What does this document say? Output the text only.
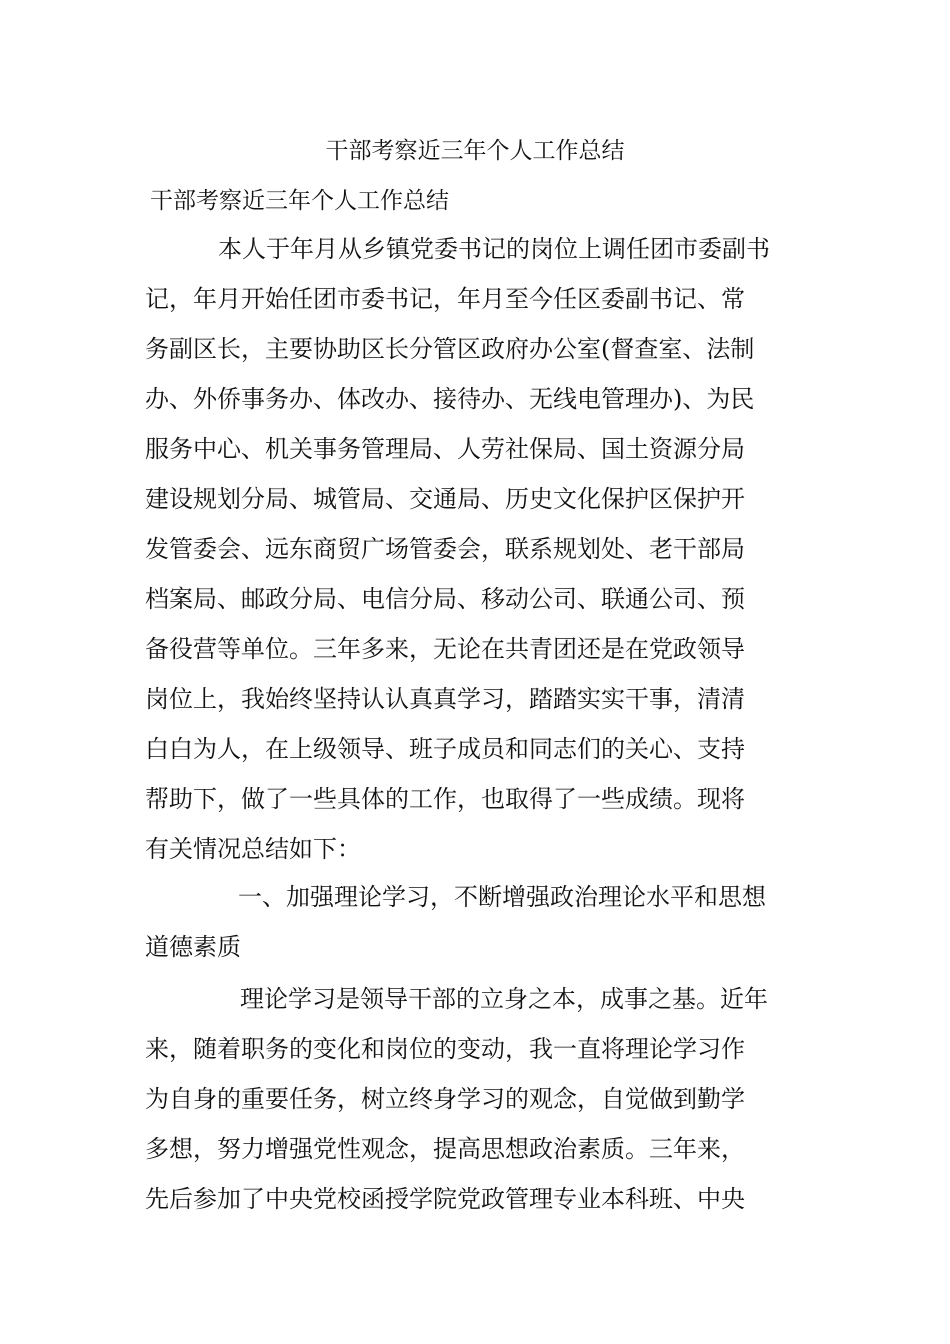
干部考察近三年个人工作总结
干部考察近三年个人工作总结
本人于年月从乡镇党委书记的岗位上调任团市委副书
记，年月开始任团市委书记，年月至今任区委副书记、常
务副区长，主要协助区长分管区政府办公室(督查室、法制
办、外侨事务办、体改办、接待办、无线电管理办)、为民
服务中心、机关事务管理局、人劳社保局、国土资源分局
建设规划分局、城管局、交通局、历史文化保护区保护开
发管委会、远东商贸广场管委会，联系规划处、老干部局
档案局、邮政分局、电信分局、移动公司、联通公司、预
备役营等单位。三年多来，无论在共青团还是在党政领导
岗位上，我始终坚持认认真真学习，踏踏实实干事，清清
白白为人，在上级领导、班子成员和同志们的关心、支持
帮助下，做了一些具体的工作，也取得了一些成绩。现将
有关情况总结如下：
一、加强理论学习，不断增强政治理论水平和思想
道德素质
理论学习是领导干部的立身之本，成事之基。近年
来，随着职务的变化和岗位的变动，我一直将理论学习作
为自身的重要任务，树立终身学习的观念，自觉做到勤学
多想，努力增强党性观念，提高思想政治素质。三年来，
先后参加了中央党校函授学院党政管理专业本科班、中央
